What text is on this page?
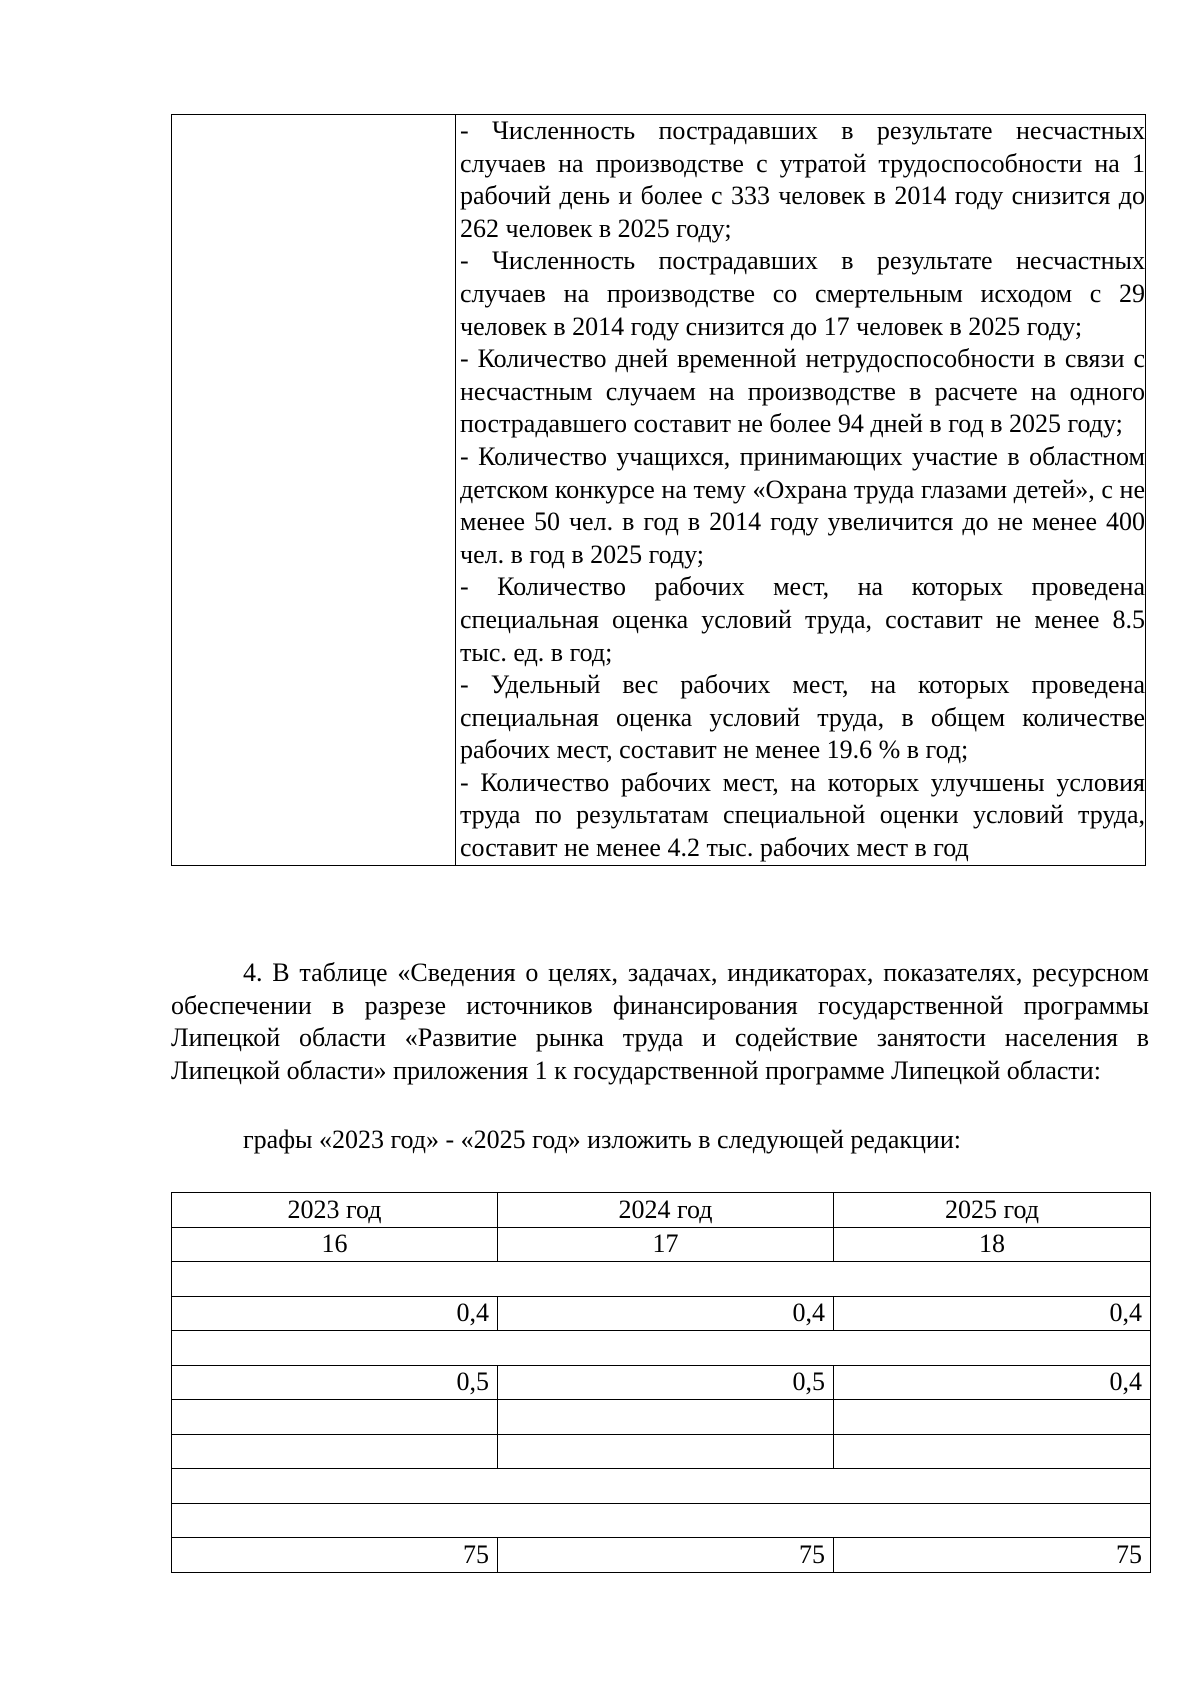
- Численность пострадавших в результате несчастных случаев на производстве с утратой трудоспособности на 1 рабочий день и более с 333 человек в 2014 году снизится до 262 человек в 2025 году;

- Численность пострадавших в результате несчастных случаев на производстве со смертельным исходом с 29 человек в 2014 году снизится до 17 человек в 2025 году;

- Количество дней временной нетрудоспособности в связи с несчастным случаем на производстве в расчете на одного пострадавшего составит не более 94 дней в год в 2025 году;

- Количество учащихся, принимающих участие в областном детском конкурсе на тему «Охрана труда глазами детей», с не менее 50 чел. в год в 2014 году увеличится до не менее 400 чел. в год в 2025 году;

- Количество рабочих мест, на которых проведена специальная оценка условий труда, составит не менее 8.5 тыс. ед. в год;

- Удельный вес рабочих мест, на которых проведена специальная оценка условий труда, в общем количестве рабочих мест, составит не менее 19.6 % в год;

- Количество рабочих мест, на которых улучшены условия труда по результатам специальной оценки условий труда, составит не менее 4.2 тыс. рабочих мест в год

4. В таблице «Сведения о целях, задачах, индикаторах, показателях, ресурсном обеспечении в разрезе источников финансирования государственной программы Липецкой области «Развитие рынка труда и содействие занятости населения в Липецкой области» приложения 1 к государственной программе Липецкой области:

графы «2023 год» - «2025 год» изложить в следующей редакции:

2023 год	2024 год	2025 год
16	17	18

0,4	0,4	0,4

0,5	0,5	0,4

75	75	75
